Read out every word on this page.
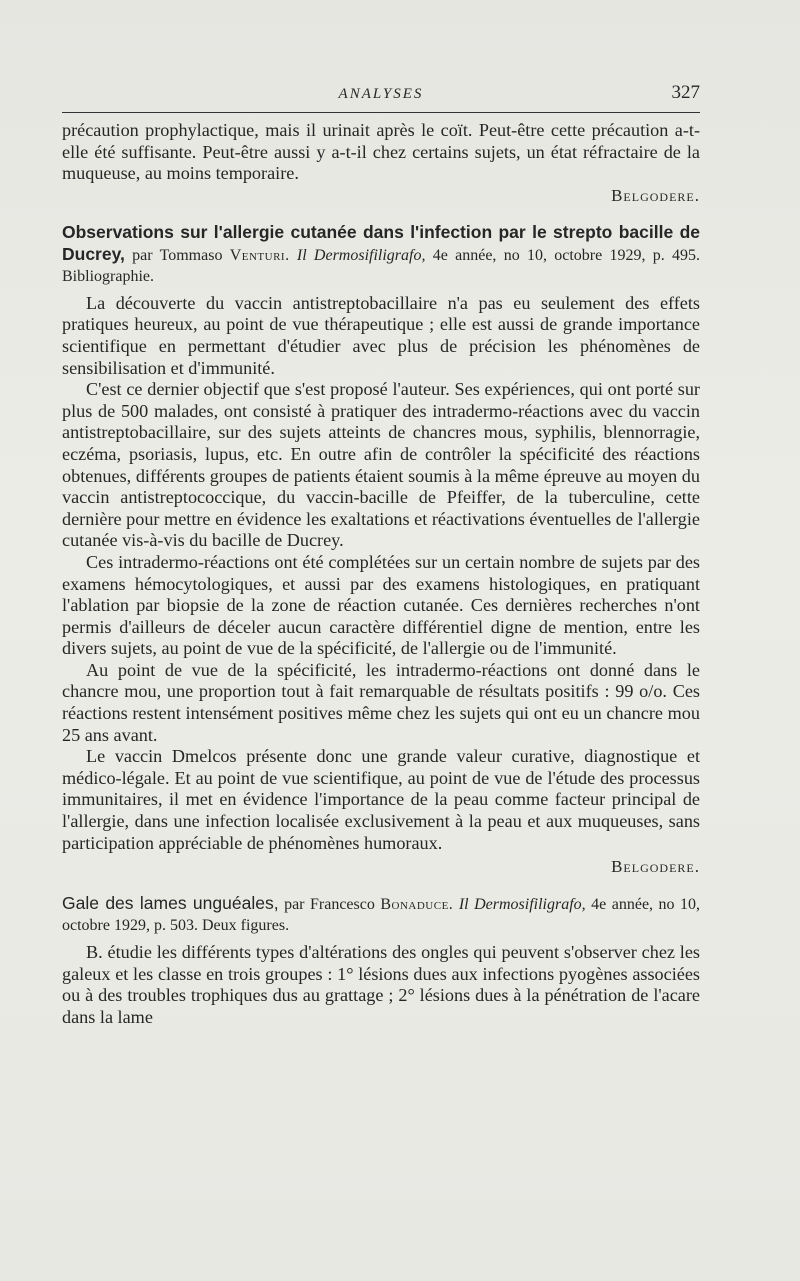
ANALYSES	327

précaution prophylactique, mais il urinait après le coït. Peut-être cette précaution a-t-elle été suffisante. Peut-être aussi y a-t-il chez certains sujets, un état réfractaire de la muqueuse, au moins temporaire.

Belgodere.

Observations sur l'allergie cutanée dans l'infection par le strepto bacille de Ducrey, par Tommaso Venturi. Il Dermosifiligrafo, 4e année, no 10, octobre 1929, p. 495. Bibliographie.

La découverte du vaccin antistreptobacillaire n'a pas eu seulement des effets pratiques heureux, au point de vue thérapeutique ; elle est aussi de grande importance scientifique en permettant d'étudier avec plus de précision les phénomènes de sensibilisation et d'immunité.

C'est ce dernier objectif que s'est proposé l'auteur. Ses expériences, qui ont porté sur plus de 500 malades, ont consisté à pratiquer des intradermo-réactions avec du vaccin antistreptobacillaire, sur des sujets atteints de chancres mous, syphilis, blennorragie, eczéma, psoriasis, lupus, etc. En outre afin de contrôler la spécificité des réactions obtenues, différents groupes de patients étaient soumis à la même épreuve au moyen du vaccin antistreptococcique, du vaccin-bacille de Pfeiffer, de la tuberculine, cette dernière pour mettre en évidence les exaltations et réactivations éventuelles de l'allergie cutanée vis-à-vis du bacille de Ducrey.

Ces intradermo-réactions ont été complétées sur un certain nombre de sujets par des examens hémocytologiques, et aussi par des examens histologiques, en pratiquant l'ablation par biopsie de la zone de réaction cutanée. Ces dernières recherches n'ont permis d'ailleurs de déceler aucun caractère différentiel digne de mention, entre les divers sujets, au point de vue de la spécificité, de l'allergie ou de l'immunité.

Au point de vue de la spécificité, les intradermo-réactions ont donné dans le chancre mou, une proportion tout à fait remarquable de résultats positifs : 99 o/o. Ces réactions restent intensément positives même chez les sujets qui ont eu un chancre mou 25 ans avant.

Le vaccin Dmelcos présente donc une grande valeur curative, diagnostique et médico-légale. Et au point de vue scientifique, au point de vue de l'étude des processus immunitaires, il met en évidence l'importance de la peau comme facteur principal de l'allergie, dans une infection localisée exclusivement à la peau et aux muqueuses, sans participation appréciable de phénomènes humoraux.

Belgodere.

Gale des lames unguéales, par Francesco Bonaduce. Il Dermosifiligrafo, 4e année, no 10, octobre 1929, p. 503. Deux figures.

B. étudie les différents types d'altérations des ongles qui peuvent s'observer chez les galeux et les classe en trois groupes : 1° lésions dues aux infections pyogènes associées ou à des troubles trophiques dus au grattage ; 2° lésions dues à la pénétration de l'acare dans la lame
